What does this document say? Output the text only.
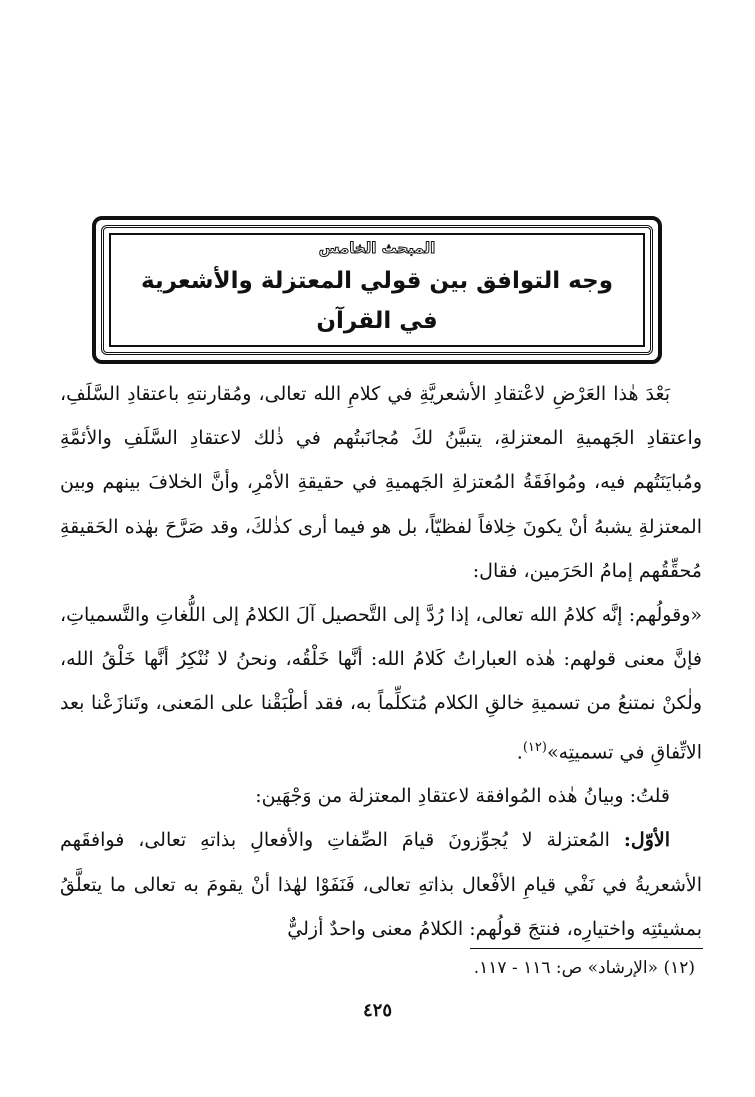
المبحث الخامس
وجه التوافق بين قولي المعتزلة والأشعرية
في القرآن

بَعْدَ هٰذا العَرْضِ لاعْتقادِ الأشعريَّةِ في كلامِ الله تعالى، ومُقارنتهِ باعتقادِ السَّلَفِ، واعتقادِ الجَهميةِ المعتزلةِ، يتبيَّنُ لكَ مُجانَبتُهم في ذٰلك لاعتقادِ السَّلَفِ والأئمَّةِ ومُبايَنَتُهم فيه، ومُوافَقَةُ المُعتزلةِ الجَهميةِ في حقيقةِ الأمْرِ، وأنَّ الخلافَ بينهم وبين المعتزلةِ يشبهُ أنْ يكونَ خِلافاً لفظيّاً، بل هو فيما أرى كذٰلكَ، وقد صَرَّحَ بهٰذه الحَقيقةِ مُحقِّقُهم إمامُ الحَرَمين، فقال:

«وقولُهم: إنَّه كلامُ الله تعالى، إذا رُدَّ إلى التَّحصيل آلَ الكلامُ إلى اللُّغاتِ والتَّسمياتِ، فإنَّ معنى قولهم: هٰذه العباراتُ كَلامُ الله: أنَّها خَلْقُه، ونحنُ لا نُنْكِرُ أنَّها خَلْقُ الله، ولٰكنْ نمتنعُ من تسميةِ خالقِ الكلام مُتكلِّماً به، فقد أطْبَقْنا على المَعنى، وتَنازَعْنا بعد الاتِّفاقِ في تسميتِه»$^{(١٢)}$.

قلتُ: وبيانُ هٰذه المُوافقة لاعتقادِ المعتزلة من وَجْهَين:

الأوّل: المُعتزلة لا يُجوِّزونَ قيامَ الصِّفاتِ والأفعالِ بذاتهِ تعالى، فوافقَهم الأشعريةُ في نَفْي قيامِ الأفْعال بذاتهِ تعالى، فَنَفَوْا لهٰذا أنْ يقومَ به تعالى ما يتعلَّقُ بمشيئتِه واختيارِه، فنتجَ قولُهم: الكلامُ معنى واحدٌ أزليٌّ

(١٢) «الإرشاد» ص: ١١٦ - ١١٧.
٤٢٥
